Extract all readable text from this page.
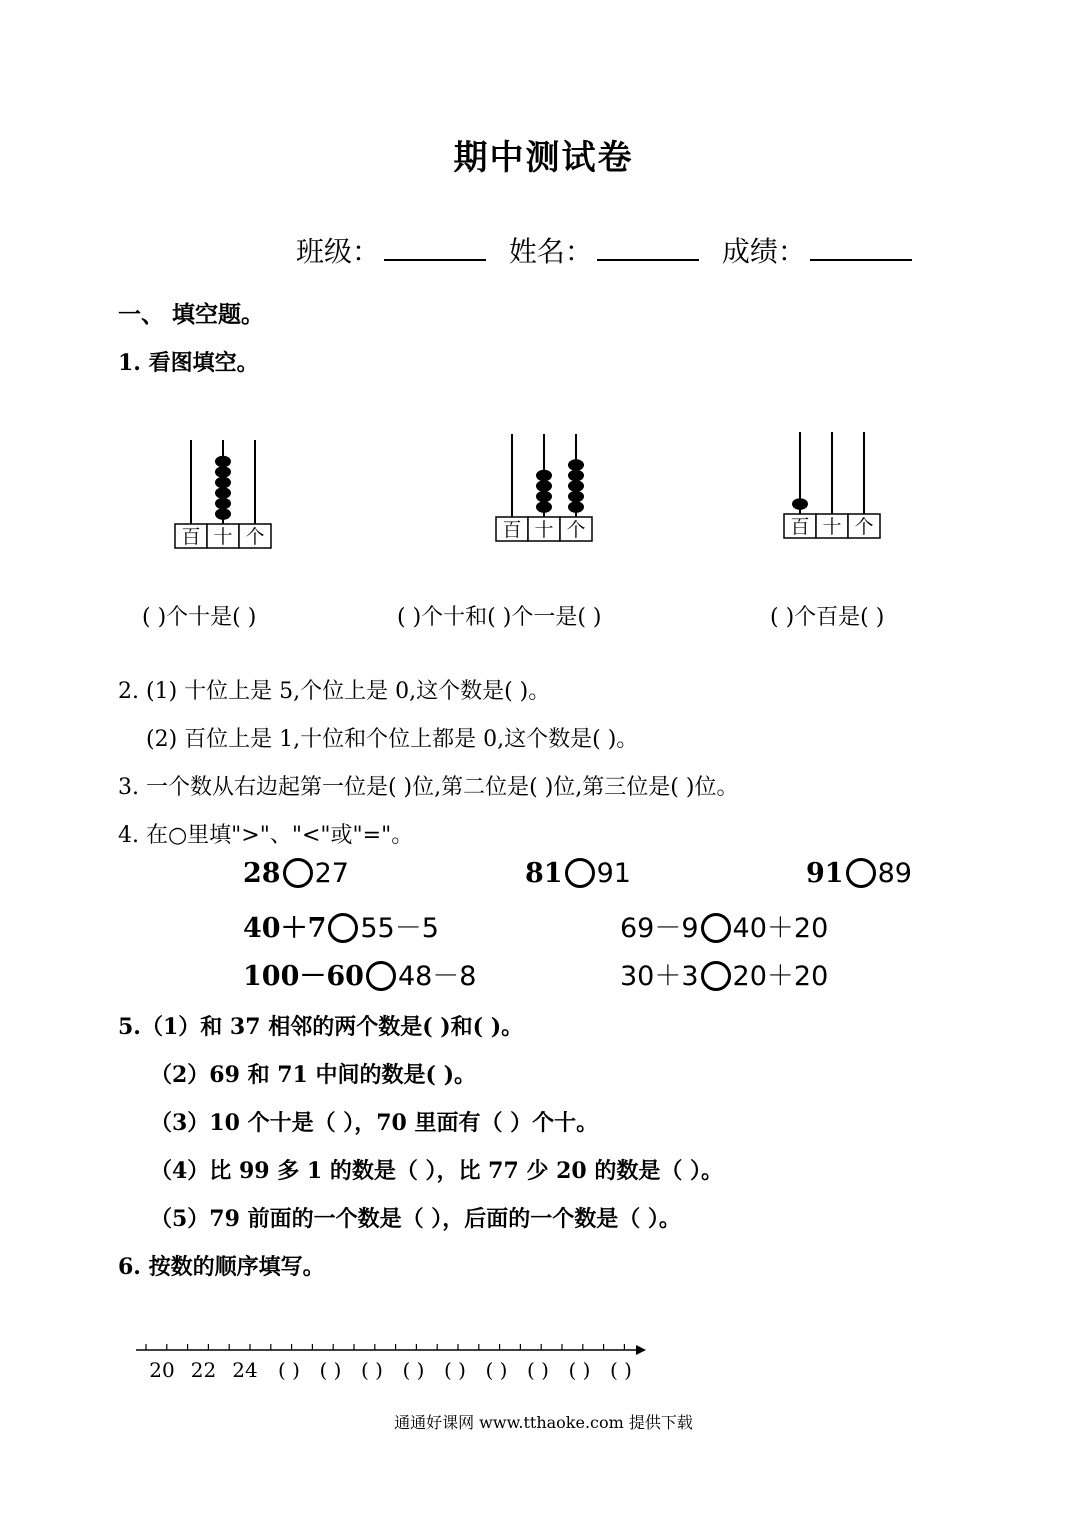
期中测试卷
班级：	姓名：	成绩：
一、 填空题。
1. 看图填空。
百 十 个	百 十 个	百 十 个
( )个十是( )	( )个十和( )个一是( )	( )个百是( )
2. (1) 十位上是 5,个位上是 0,这个数是( )。
(2) 百位上是 1,十位和个位上都是 0,这个数是( )。
3. 一个数从右边起第一位是( )位,第二位是( )位,第三位是( )位。
4. 在○里填">"、"<"或"="。
28 27	81 91	91 89
40＋7 55－5	69－9 40＋20
100－60 48－8	30＋3 20＋20
5.（1）和 37 相邻的两个数是( )和( )。
（2）69 和 71 中间的数是( )。
（3）10 个十是（ ），70 里面有（ ）个十。
（4）比 99 多 1 的数是（ ），比 77 少 20 的数是（ ）。
（5）79 前面的一个数是（ ），后面的一个数是（ ）。
6. 按数的顺序填写。
20 22 24 ( ) ( ) ( ) ( ) ( ) ( ) ( ) ( ) ( )
通通好课网 www.tthaoke.com 提供下载
